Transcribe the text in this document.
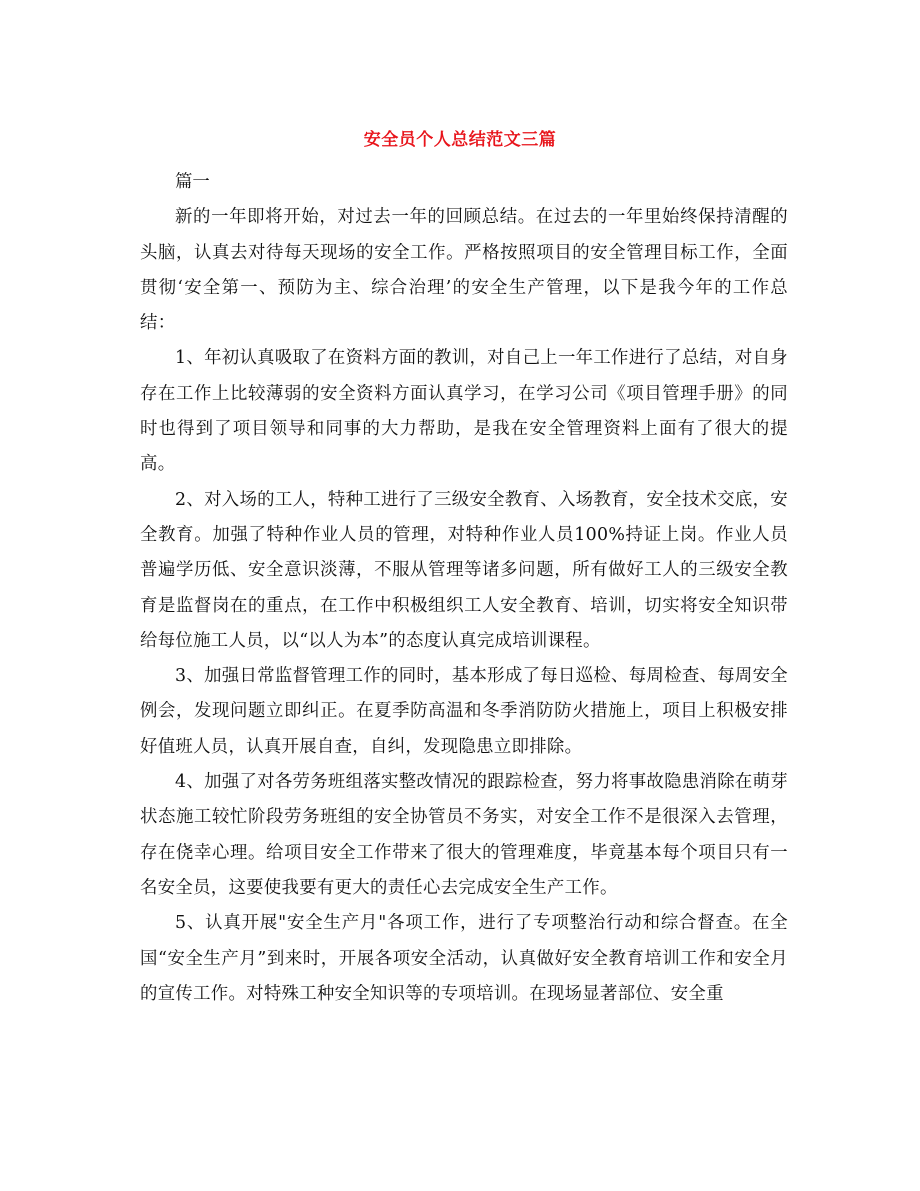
安全员个人总结范文三篇

篇一

新的一年即将开始，对过去一年的回顾总结。在过去的一年里始终保持清醒的头脑，认真去对待每天现场的安全工作。严格按照项目的安全管理目标工作，全面贯彻‘安全第一、预防为主、综合治理’的安全生产管理，以下是我今年的工作总结：

1、年初认真吸取了在资料方面的教训，对自己上一年工作进行了总结，对自身存在工作上比较薄弱的安全资料方面认真学习，在学习公司《项目管理手册》的同时也得到了项目领导和同事的大力帮助，是我在安全管理资料上面有了很大的提高。

2、对入场的工人，特种工进行了三级安全教育、入场教育，安全技术交底，安全教育。加强了特种作业人员的管理，对特种作业人员100%持证上岗。作业人员普遍学历低、安全意识淡薄，不服从管理等诸多问题，所有做好工人的三级安全教育是监督岗在的重点，在工作中积极组织工人安全教育、培训，切实将安全知识带给每位施工人员，以“以人为本”的态度认真完成培训课程。

3、加强日常监督管理工作的同时，基本形成了每日巡检、每周检查、每周安全例会，发现问题立即纠正。在夏季防高温和冬季消防防火措施上，项目上积极安排好值班人员，认真开展自查，自纠，发现隐患立即排除。

4、加强了对各劳务班组落实整改情况的跟踪检查，努力将事故隐患消除在萌芽状态施工较忙阶段劳务班组的安全协管员不务实，对安全工作不是很深入去管理，存在侥幸心理。给项目安全工作带来了很大的管理难度，毕竟基本每个项目只有一名安全员，这要使我要有更大的责任心去完成安全生产工作。

5、认真开展"安全生产月"各项工作，进行了专项整治行动和综合督查。在全国“安全生产月”到来时，开展各项安全活动，认真做好安全教育培训工作和安全月的宣传工作。对特殊工种安全知识等的专项培训。在现场显著部位、安全重
